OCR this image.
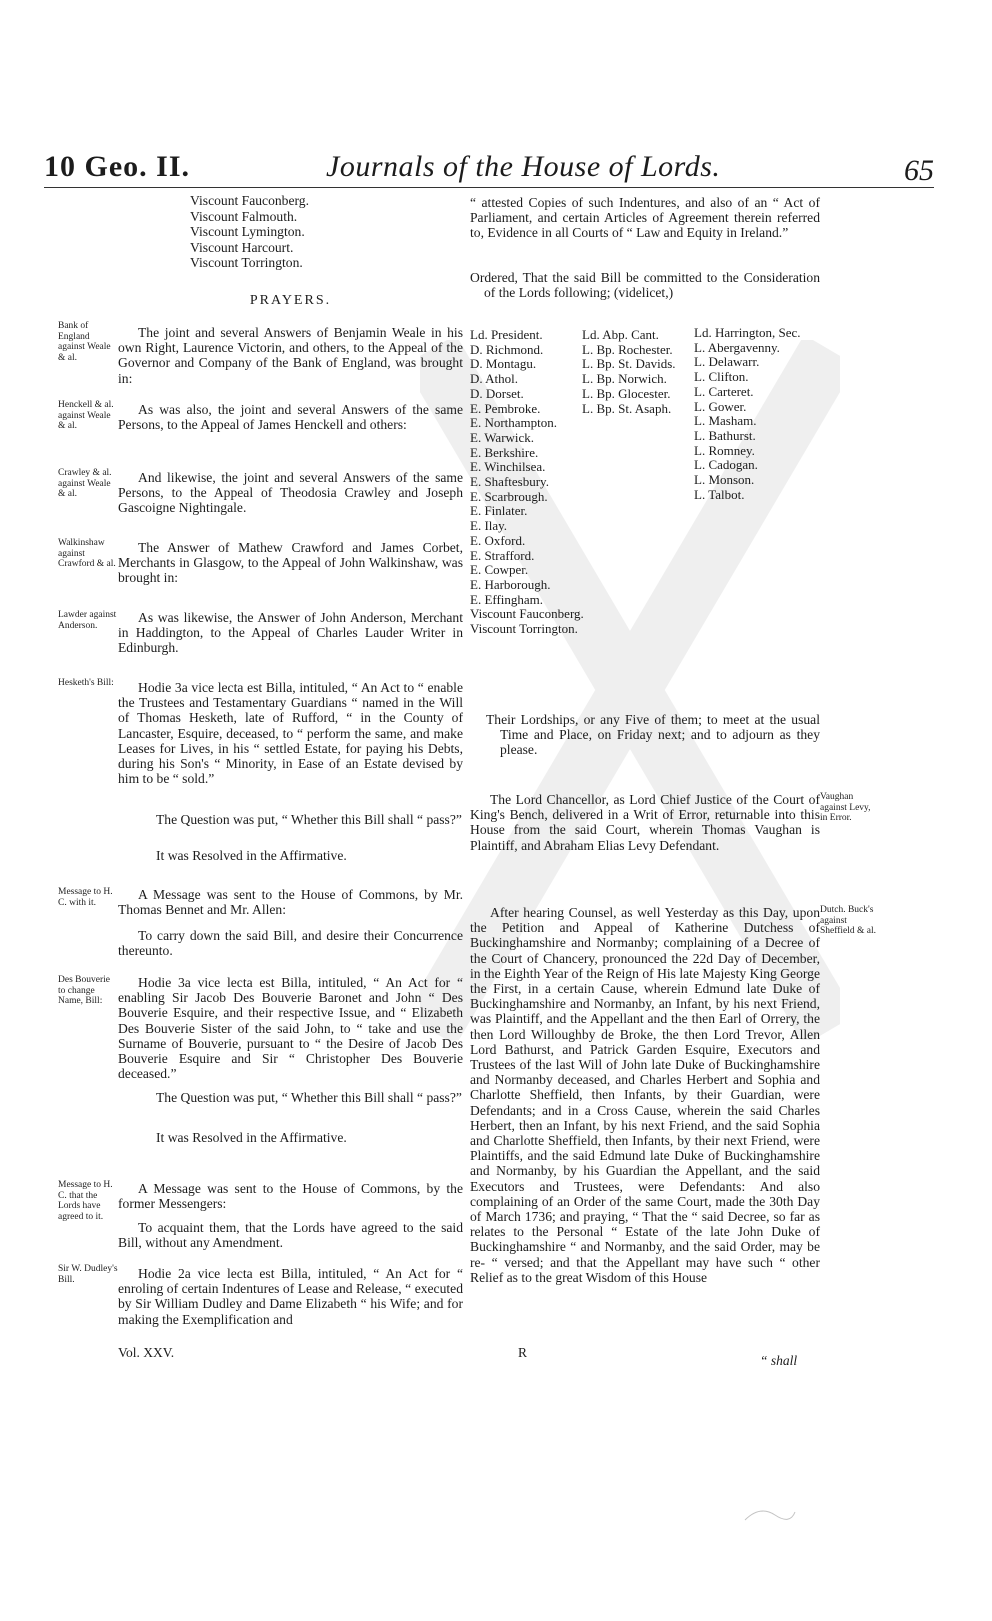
10 Geo. II.	Journals of the House of Lords.	65
Viscount Fauconberg.
Viscount Falmouth.
Viscount Lymington.
Viscount Harcourt.
Viscount Torrington.
PRAYERS.
Bank of England against Weale & al.

The joint and several Answers of Benjamin Weale in his own Right, Laurence Victorin, and others, to the Appeal of the Governor and Company of the Bank of England, was brought in:

Henckell & al. against Weale & al.

As was also, the joint and several Answers of the same Persons, to the Appeal of James Henckell and others:

Crawley & al. against Weale & al.

And likewise, the joint and several Answers of the same Persons, to the Appeal of Theodosia Crawley and Joseph Gascoigne Nightingale.

Walkinshaw against Crawford & al.

The Answer of Mathew Crawford and James Corbet, Merchants in Glasgow, to the Appeal of John Walkinshaw, was brought in:

Lawder against Anderson.

As was likewise, the Answer of John Anderson, Merchant in Haddington, to the Appeal of Charles Lauder Writer in Edinburgh.

Hesketh's Bill:	Hodie 3a vice lecta est Billa, intituled, “ An Act to “ enable the Trustees and Testamentary Guardians “ named in the Will of Thomas Hesketh, late of Rufford, “ in the County of Lancaster, Esquire, deceased, to “ perform the same, and make Leases for Lives, in his “ settled Estate, for paying his Debts, during his Son's “ Minority, in Ease of an Estate devised by him to be “ sold.”

The Question was put, “ Whether this Bill shall “ pass?”

It was Resolved in the Affirmative.

Message to H. C. with it.

A Message was sent to the House of Commons, by Mr. Thomas Bennet and Mr. Allen:

To carry down the said Bill, and desire their Concurrence thereunto.

Des Bouverie to change Name, Bill:

Hodie 3a vice lecta est Billa, intituled, “ An Act for “ enabling Sir Jacob Des Bouverie Baronet and John “ Des Bouverie Esquire, and their respective Issue, and “ Elizabeth Des Bouverie Sister of the said John, to “ take and use the Surname of Bouverie, pursuant to “ the Desire of Jacob Des Bouverie Esquire and Sir “ Christopher Des Bouverie deceased.”

The Question was put, “ Whether this Bill shall “ pass?”

It was Resolved in the Affirmative.

Message to H. C. that the Lords have agreed to it.

A Message was sent to the House of Commons, by the former Messengers:

To acquaint them, that the Lords have agreed to the said Bill, without any Amendment.

Sir W. Dudley's Bill.	Hodie 2a vice lecta est Billa, intituled, “ An Act for “ enroling of certain Indentures of Lease and Release, “ executed by Sir William Dudley and Dame Elizabeth “ his Wife; and for making the Exemplification and

“ attested Copies of such Indentures, and also of an “ Act of Parliament, and certain Articles of Agreement therein referred to, Evidence in all Courts of “ Law and Equity in Ireland.”

Ordered, That the said Bill be committed to the Consideration of the Lords following; (videlicet,)

Ld. President.
D. Richmond.
D. Montagu.
D. Athol.
D. Dorset.
E. Pembroke.
E. Northampton.
E. Warwick.
E. Berkshire.
E. Winchilsea.
E. Shaftesbury.
E. Scarbrough.
E. Finlater.
E. Ilay.
E. Oxford.
E. Strafford.
E. Cowper.
E. Harborough.
E. Effingham.
Viscount Fauconberg.
Viscount Torrington.
Ld. Abp. Cant.
L. Bp. Rochester.
L. Bp. St. Davids.
L. Bp. Norwich.
L. Bp. Glocester.
L. Bp. St. Asaph.
Ld. Harrington, Sec.
L. Abergavenny.
L. Delawarr.
L. Clifton.
L. Carteret.
L. Gower.
L. Masham.
L. Bathurst.
L. Romney.
L. Cadogan.
L. Monson.
L. Talbot.

Their Lordships, or any Five of them; to meet at the usual Time and Place, on Friday next; and to adjourn as they please.

Vaughan against Levy, in Error.

The Lord Chancellor, as Lord Chief Justice of the Court of King's Bench, delivered in a Writ of Error, returnable into this House from the said Court, wherein Thomas Vaughan is Plaintiff, and Abraham Elias Levy Defendant.

Dutch. Buck's against Sheffield & al.

After hearing Counsel, as well Yesterday as this Day, upon the Petition and Appeal of Katherine Dutchess of Buckinghamshire and Normanby; complaining of a Decree of the Court of Chancery, pronounced the 22d Day of December, in the Eighth Year of the Reign of His late Majesty King George the First, in a certain Cause, wherein Edmund late Duke of Buckinghamshire and Normanby, an Infant, by his next Friend, was Plaintiff, and the Appellant and the then Earl of Orrery, the then Lord Willoughby de Broke, the then Lord Trevor, Allen Lord Bathurst, and Patrick Garden Esquire, Executors and Trustees of the last Will of John late Duke of Buckinghamshire and Normanby deceased, and Charles Herbert and Sophia and Charlotte Sheffield, then Infants, by their Guardian, were Defendants; and in a Cross Cause, wherein the said Charles Herbert, then an Infant, by his next Friend, and the said Sophia and Charlotte Sheffield, then Infants, by their next Friend, were Plaintiffs, and the said Edmund late Duke of Buckinghamshire and Normanby, by his Guardian the Appellant, and the said Executors and Trustees, were Defendants: And also complaining of an Order of the same Court, made the 30th Day of March 1736; and praying, “ That the “ said Decree, so far as relates to the Personal “ Estate of the late John Duke of Buckinghamshire “ and Normanby, and the said Order, may be re- “ versed; and that the Appellant may have such “ other Relief as to the great Wisdom of this House

Vol. XXV.	R
“ shall
